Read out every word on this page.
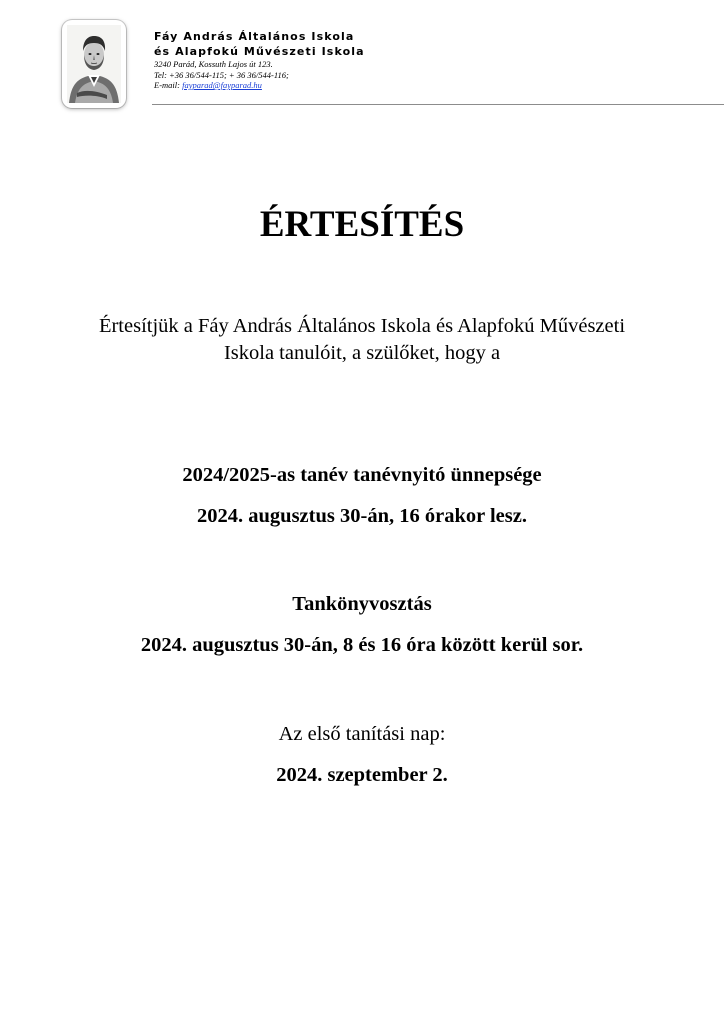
Fáy András Általános Iskola

és Alapfokú Művészeti Iskola

3240 Parád, Kossuth Lajos út 123.

Tel: +36 36/544-115; + 36 36/544-116;

E-mail: fayparad@fayparad.hu

ÉRTESÍTÉS

Értesítjük a Fáy András Általános Iskola és Alapfokú Művészeti
Iskola tanulóit, a szülőket, hogy a

2024/2025-as tanév tanévnyitó ünnepsége
2024. augusztus 30-án, 16 órakor lesz.

Tankönyvosztás
2024. augusztus 30-án, 8 és 16 óra között kerül sor.

Az első tanítási nap:
2024. szeptember 2.
